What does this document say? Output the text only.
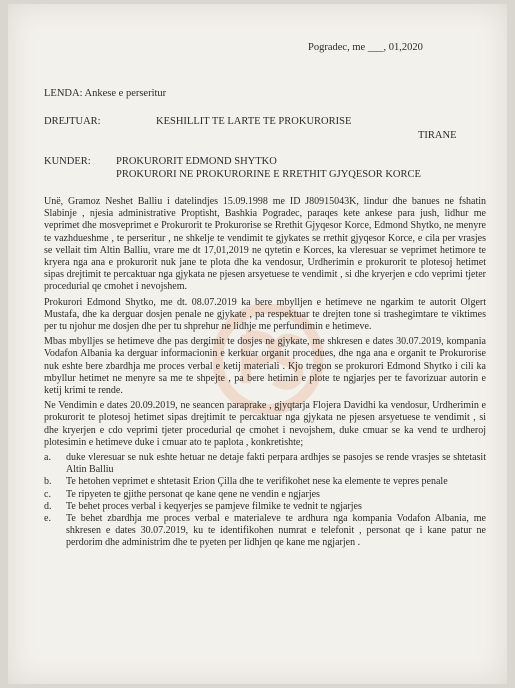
Pogradec, me ___, 01,2020
LENDA: Ankese e perseritur
DREJTUAR:	KESHILLIT TE LARTE TE PROKURORISE
TIRANE
KUNDER: PROKURORIT EDMOND SHYTKO
PROKURORI NE PROKURORINE E RRETHIT GJYQESOR KORCE

Unë, Gramoz Neshet Balliu i datelindjes 15.09.1998 me ID J80915043K, lindur dhe banues ne fshatin Slabinje , njesia administrative Proptisht, Bashkia Pogradec, paraqes kete ankese para jush, lidhur me veprimet dhe mosveprimet e Prokurorit te Prokurorise se Rrethit Gjyqesor Korce, Edmond Shytko, ne menyre te vazhdueshme , te perseritur , ne shkelje te vendimit te gjykates se rrethit gjyqesor Korce, e cila per vrasjes se vellait tim Altin Balliu, vrare me dt 17,01,2019 ne qytetin e Korces, ka vleresuar se veprimet hetimore te kryera nga ana e prokurorit nuk jane te plota dhe ka vendosur, Urdherimin e prokurorit te plotesoj hetimet sipas drejtimit te percaktuar nga gjykata ne pjesen arsyetuese te vendimit , si dhe kryerjen e cdo veprimi tjeter procedurial qe cmohet i nevojshem.

Prokurori Edmond Shytko, me dt. 08.07.2019 ka bere mbylljen e hetimeve ne ngarkim te autorit Olgert Mustafa, dhe ka derguar dosjen penale ne gjykate , pa respektuar te drejten tone si trashegimtare te viktimes per tu njohur me dosjen dhe per tu shprehur ne lidhje me perfundimin e hetimeve.

Mbas mbylljes se hetimeve dhe pas dergimit te dosjes ne gjykate, me shkresen e dates 30.07.2019, kompania Vodafon Albania ka derguar informacionin e kerkuar organit procedues, dhe nga ana e organit te Prokurorise nuk eshte bere zbardhja me proces verbal e ketij materiali . Kjo tregon se prokurori Edmond Shytko i cili ka mbyllur hetimet ne menyre sa me te shpejte , pa bere hetimin e plote te ngjarjes per te favorizuar autorin e ketij krimi te rende.

Ne Vendimin e dates 20.09.2019, ne seancen paraprake , gjyqtarja Flojera Davidhi ka vendosur, Urdherimin e prokurorit te plotesoj hetimet sipas drejtimit te percaktuar nga gjykata ne pjesen arsyetuese te vendimit , si dhe kryerjen e cdo veprimi tjeter procedurial qe cmohet i nevojshem, duke cmuar se ka vend te urdheroj plotesimin e hetimeve duke i cmuar ato te paplota , konkretishte;

a.	duke vleresuar se nuk eshte hetuar ne detaje fakti perpara ardhjes se pasojes se rende vrasjes se shtetasit Altin Balliu
b.	Te hetohen veprimet e shtetasit Erion Çilla dhe te verifikohet nese ka elemente te vepres penale
c.	Te ripyeten te gjithe personat qe kane qene ne vendin e ngjarjes
d.	Te behet proces verbal i keqyerjes se pamjeve filmike te vednit te ngjarjes
e.	Te behet zbardhja me proces verbal e materialeve te ardhura nga kompania Vodafon Albania, me shkresen e dates 30.07.2019, ku te identifikohen numrat e telefonit , personat qe i kane patur ne perdorim dhe administrim dhe te pyeten per lidhjen qe kane me ngjarjen .
